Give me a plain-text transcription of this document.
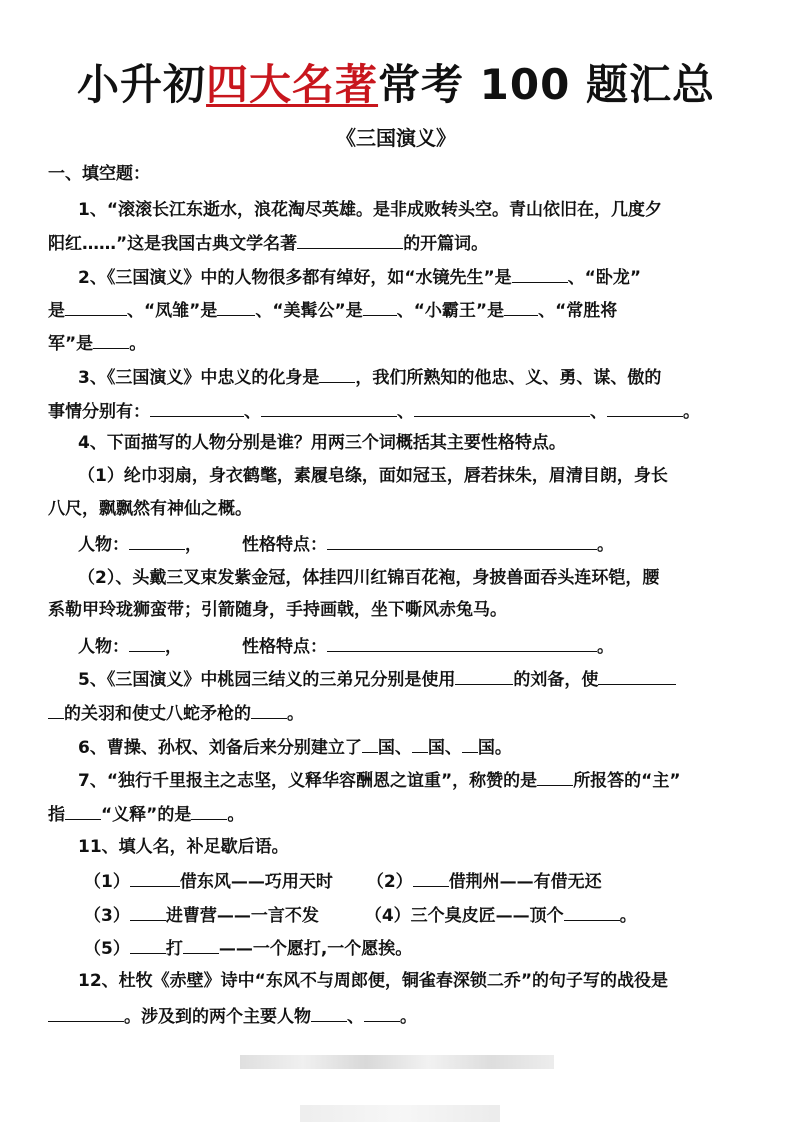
小升初四大名著常考 100 题汇总
《三国演义》
一、填空题：
1、“滚滚长江东逝水，浪花淘尽英雄。是非成败转头空。青山依旧在，几度夕
阳红……”这是我国古典文学名著	的开篇词。
2、《三国演义》中的人物很多都有绰好，如“水镜先生”是	、“卧龙”
是	、“凤雏”是 、“美髯公”是 、“小霸王”是 、“常胜将
军”是 。
3、《三国演义》中忠义的化身是 ，我们所熟知的他忠、义、勇、谋、傲的
事情分别有：	、	、	、	。
4、下面描写的人物分别是谁？用两三个词概括其主要性格特点。
（1）纶巾羽扇，身衣鹤氅，素履皂绦，面如冠玉，唇若抹朱，眉清目朗，身长
八尺，飘飘然有神仙之概。
人物：	， 性格特点：	。
（2）、头戴三叉束发紫金冠，体挂四川红锦百花袍，身披兽面吞头连环铠，腰
系勒甲玲珑狮蛮带；引箭随身，手持画戟，坐下嘶风赤兔马。
人物： ，	性格特点：	。
5、《三国演义》中桃园三结义的三弟兄分别是使用	的刘备，使
的关羽和使丈八蛇矛枪的 。
6、曹操、孙权、刘备后来分别建立了 国、 国、 国。
7、“独行千里报主之志坚，义释华容酬恩之谊重”，称赞的是 所报答的“主”
指 “义释”的是 。
11、填人名，补足歇后语。
（1）	借东风——巧用天时 （2） 借荆州——有借无还
（3） 进曹营——一言不发	（4）三个臭皮匠——顶个	。
（5） 打 ——一个愿打,一个愿挨。
12、杜牧《赤壁》诗中“东风不与周郎便，铜雀春深锁二乔”的句子写的战役是
。涉及到的两个主要人物 、 。
